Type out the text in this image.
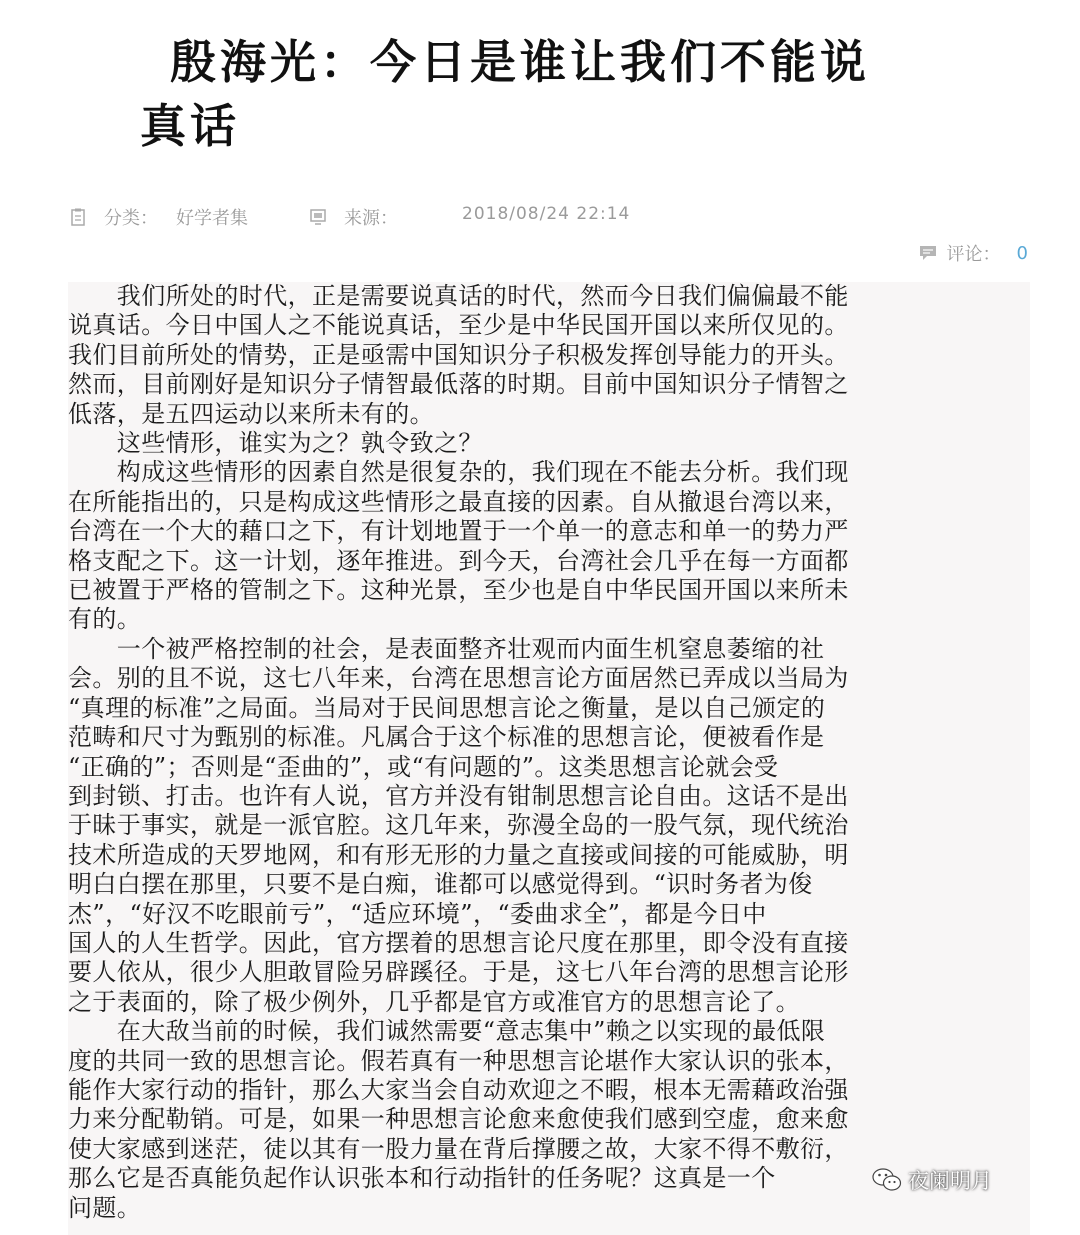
殷海光：今日是谁让我们不能说
真话
分类： 好学者集	来源：	2018/08/24 22:14
评论： 0

　　我们所处的时代，正是需要说真话的时代，然而今日我们偏偏最不能
说真话。今日中国人之不能说真话，至少是中华民国开国以来所仅见的。
我们目前所处的情势，正是亟需中国知识分子积极发挥创导能力的开头。
然而，目前刚好是知识分子情智最低落的时期。目前中国知识分子情智之
低落，是五四运动以来所未有的。
　　这些情形，谁实为之？孰令致之？
　　构成这些情形的因素自然是很复杂的，我们现在不能去分析。我们现
在所能指出的，只是构成这些情形之最直接的因素。自从撤退台湾以来，
台湾在一个大的藉口之下，有计划地置于一个单一的意志和单一的势力严
格支配之下。这一计划，逐年推进。到今天，台湾社会几乎在每一方面都
已被置于严格的管制之下。这种光景，至少也是自中华民国开国以来所未
有的。
　　一个被严格控制的社会，是表面整齐壮观而内面生机窒息萎缩的社
会。别的且不说，这七八年来，台湾在思想言论方面居然已弄成以当局为
“真理的标准”之局面。当局对于民间思想言论之衡量，是以自己颁定的
范畴和尺寸为甄别的标准。凡属合于这个标准的思想言论，便被看作是
“正确的”；否则是“歪曲的”，或“有问题的”。这类思想言论就会受
到封锁、打击。也许有人说，官方并没有钳制思想言论自由。这话不是出
于昧于事实，就是一派官腔。这几年来，弥漫全岛的一股气氛，现代统治
技术所造成的天罗地网，和有形无形的力量之直接或间接的可能威胁，明
明白白摆在那里，只要不是白痴，谁都可以感觉得到。“识时务者为俊
杰”，“好汉不吃眼前亏”，“适应环境”，“委曲求全”，都是今日中
国人的人生哲学。因此，官方摆着的思想言论尺度在那里，即令没有直接
要人依从，很少人胆敢冒险另辟蹊径。于是，这七八年台湾的思想言论形
之于表面的，除了极少例外，几乎都是官方或准官方的思想言论了。
　　在大敌当前的时候，我们诚然需要“意志集中”赖之以实现的最低限
度的共同一致的思想言论。假若真有一种思想言论堪作大家认识的张本，
能作大家行动的指针，那么大家当会自动欢迎之不暇，根本无需藉政治强
力来分配勒销。可是，如果一种思想言论愈来愈使我们感到空虚，愈来愈
使大家感到迷茫，徒以其有一股力量在背后撑腰之故，大家不得不敷衍，
那么它是否真能负起作认识张本和行动指针的任务呢？这真是一个
问题。

夜阑明月
